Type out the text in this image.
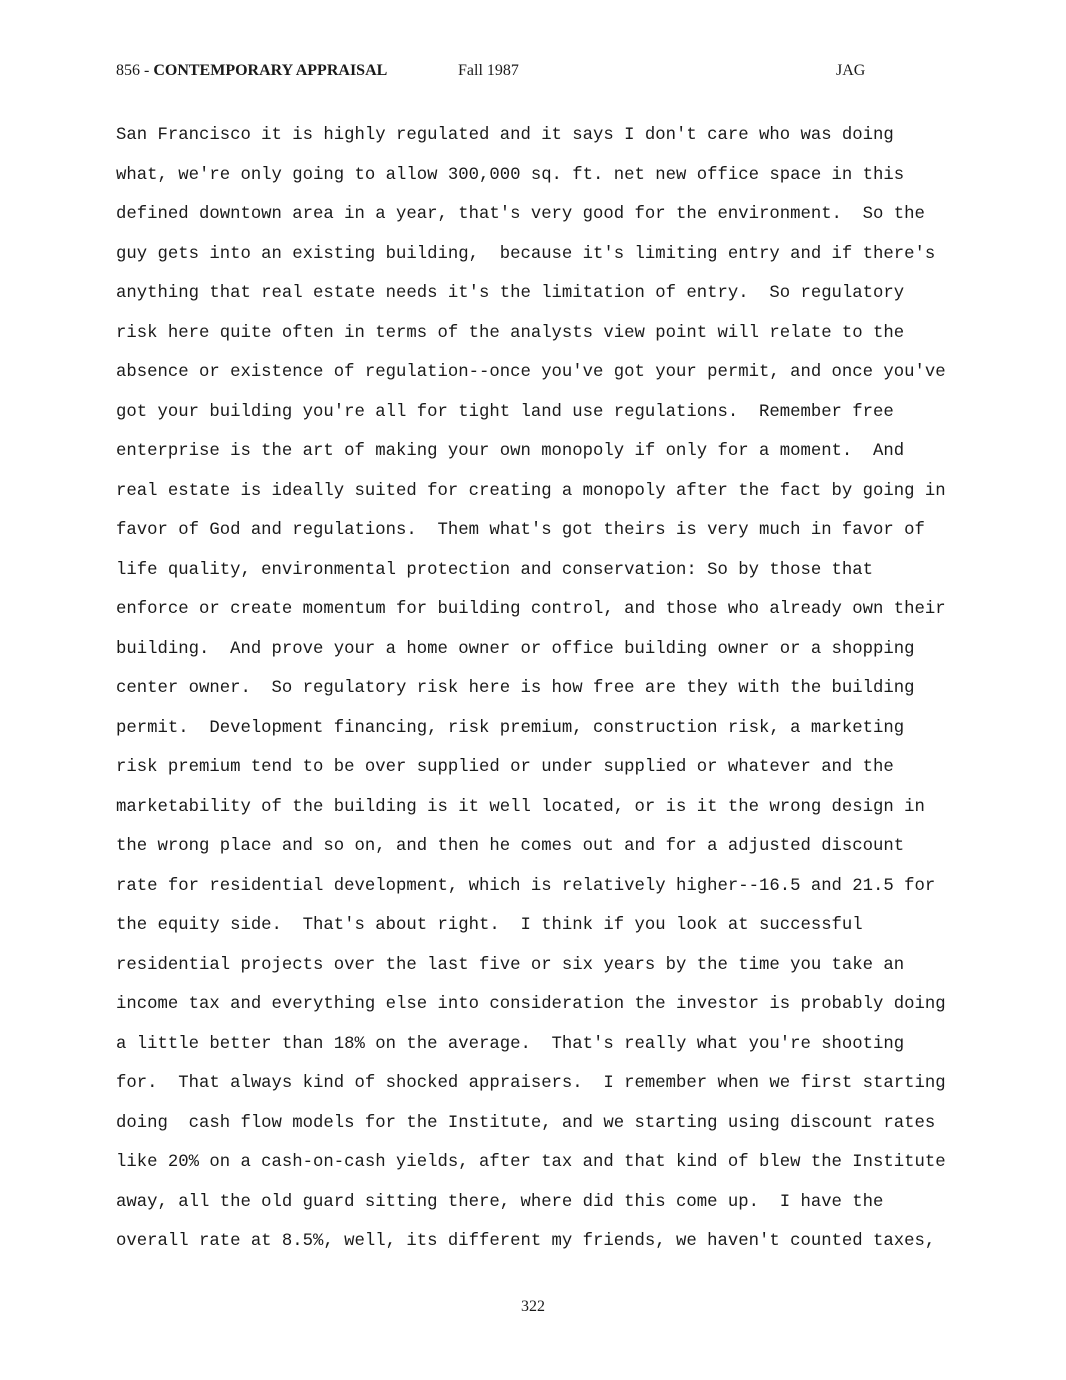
856 - CONTEMPORARY APPRAISAL	Fall 1987	JAG
San Francisco it is highly regulated and it says I don't care who was doing
what, we're only going to allow 300,000 sq. ft. net new office space in this
defined downtown area in a year, that's very good for the environment.  So the
guy gets into an existing building,  because it's limiting entry and if there's
anything that real estate needs it's the limitation of entry.  So regulatory
risk here quite often in terms of the analysts view point will relate to the
absence or existence of regulation--once you've got your permit, and once you've
got your building you're all for tight land use regulations.  Remember free
enterprise is the art of making your own monopoly if only for a moment.  And
real estate is ideally suited for creating a monopoly after the fact by going in
favor of God and regulations.  Them what's got theirs is very much in favor of
life quality, environmental protection and conservation: So by those that
enforce or create momentum for building control, and those who already own their
building.  And prove your a home owner or office building owner or a shopping
center owner.  So regulatory risk here is how free are they with the building
permit.  Development financing, risk premium, construction risk, a marketing
risk premium tend to be over supplied or under supplied or whatever and the
marketability of the building is it well located, or is it the wrong design in
the wrong place and so on, and then he comes out and for a adjusted discount
rate for residential development, which is relatively higher--16.5 and 21.5 for
the equity side.  That's about right.  I think if you look at successful
residential projects over the last five or six years by the time you take an
income tax and everything else into consideration the investor is probably doing
a little better than 18% on the average.  That's really what you're shooting
for.  That always kind of shocked appraisers.  I remember when we first starting
doing  cash flow models for the Institute, and we starting using discount rates
like 20% on a cash-on-cash yields, after tax and that kind of blew the Institute
away, all the old guard sitting there, where did this come up.  I have the
overall rate at 8.5%, well, its different my friends, we haven't counted taxes,
322
